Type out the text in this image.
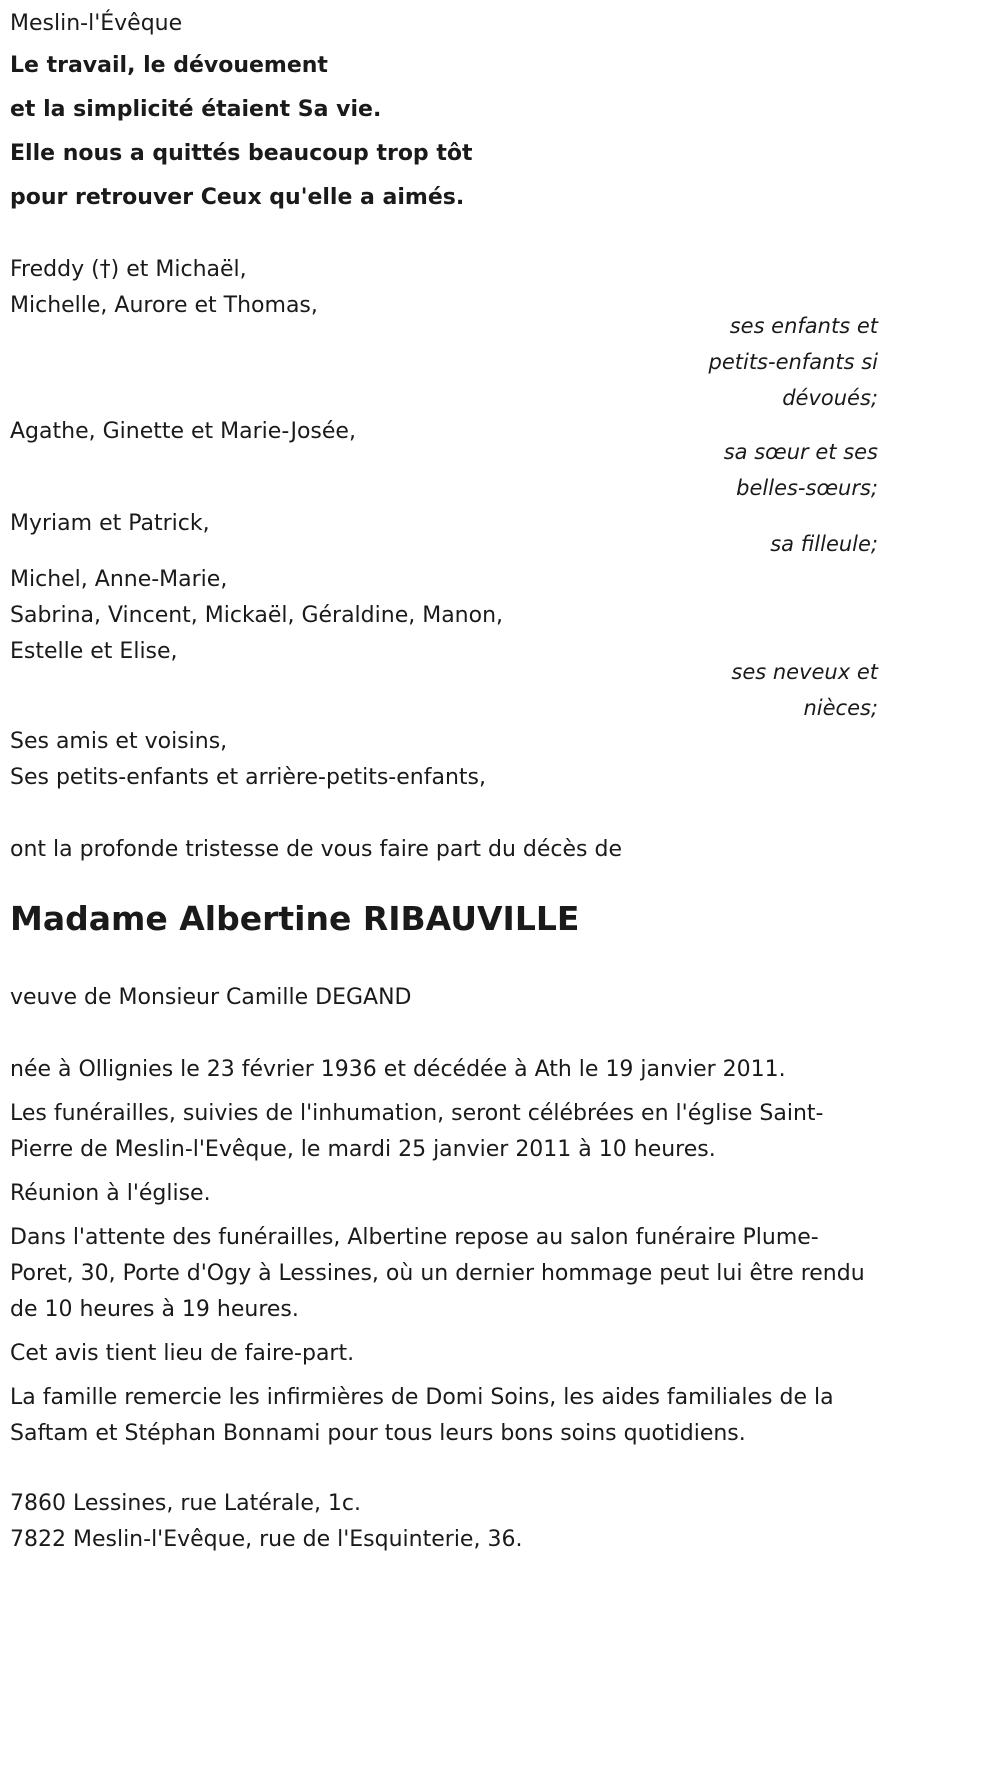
Meslin-l'Évêque
Le travail, le dévouement
et la simplicité étaient Sa vie.
Elle nous a quittés beaucoup trop tôt
pour retrouver Ceux qu'elle a aimés.
Freddy (†) et Michaël,
Michelle, Aurore et Thomas,
ses enfants et
petits-enfants si
dévoués;
Agathe, Ginette et Marie-Josée,
sa sœur et ses
belles-sœurs;
Myriam et Patrick,
sa filleule;
Michel, Anne-Marie,
Sabrina, Vincent, Mickaël, Géraldine, Manon,
Estelle et Elise,
ses neveux et
nièces;
Ses amis et voisins,
Ses petits-enfants et arrière-petits-enfants,
ont la profonde tristesse de vous faire part du décès de
Madame Albertine RIBAUVILLE
veuve de Monsieur Camille DEGAND
née à Ollignies le 23 février 1936 et décédée à Ath le 19 janvier 2011.
Les funérailles, suivies de l'inhumation, seront célébrées en l'église Saint-Pierre de Meslin-l'Evêque, le mardi 25 janvier 2011 à 10 heures.
Réunion à l'église.
Dans l'attente des funérailles, Albertine repose au salon funéraire Plume-Poret, 30, Porte d'Ogy à Lessines, où un dernier hommage peut lui être rendu de 10 heures à 19 heures.
Cet avis tient lieu de faire-part.
La famille remercie les infirmières de Domi Soins, les aides familiales de la Saftam et Stéphan Bonnami pour tous leurs bons soins quotidiens.
7860 Lessines, rue Latérale, 1c.
7822 Meslin-l'Evêque, rue de l'Esquinterie, 36.
